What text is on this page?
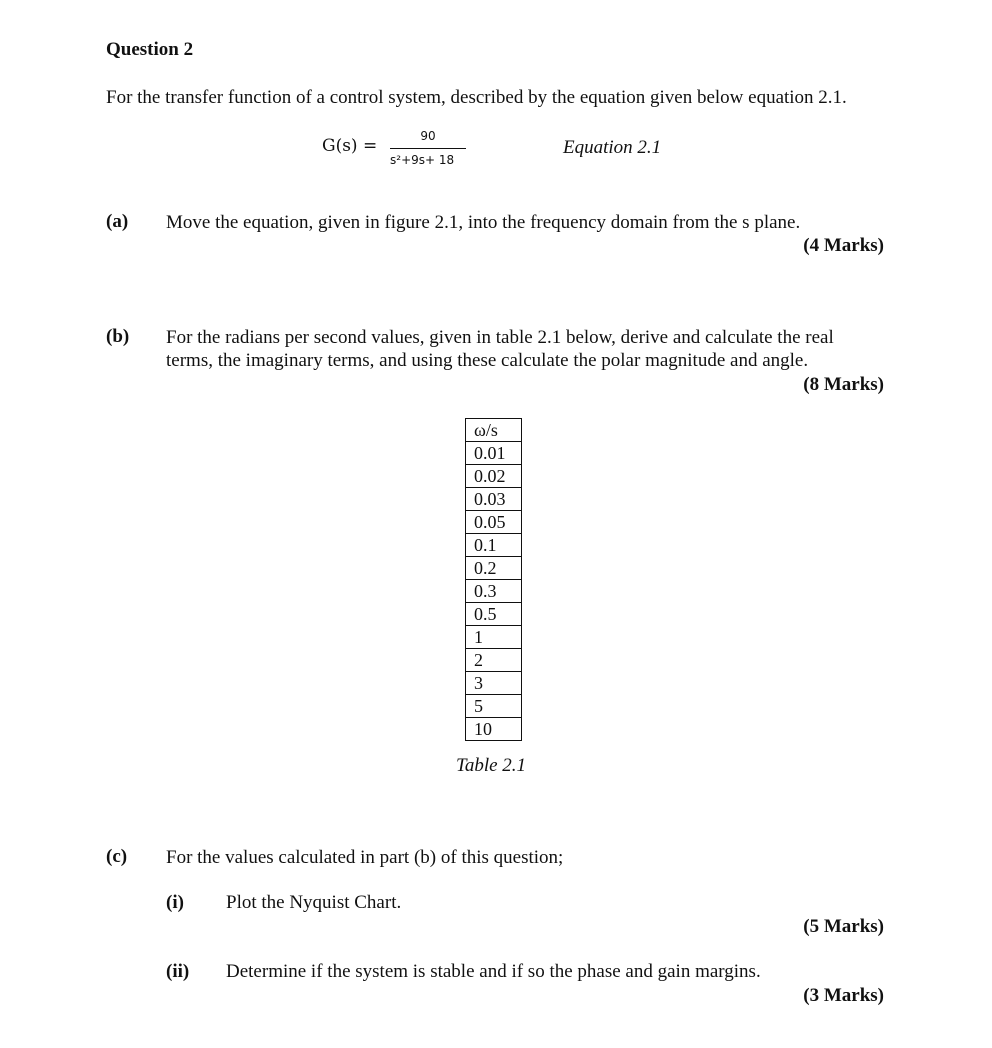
Question 2
For the transfer function of a control system, described by the equation given below equation 2.1.
G(s) =	90
s²+9s+ 18
Equation 2.1
(a) Move the equation, given in figure 2.1, into the frequency domain from the s plane.
(4 Marks)
(b) For the radians per second values, given in table 2.1 below, derive and calculate the real terms, the imaginary terms, and using these calculate the polar magnitude and angle.
(8 Marks)
ω/s
0.01
0.02
0.03
0.05
0.1
0.2
0.3
0.5
1
2
3
5
10
Table 2.1
(c) For the values calculated in part (b) of this question;
(i) Plot the Nyquist Chart.
(5 Marks)
(ii) Determine if the system is stable and if so the phase and gain margins.
(3 Marks)
